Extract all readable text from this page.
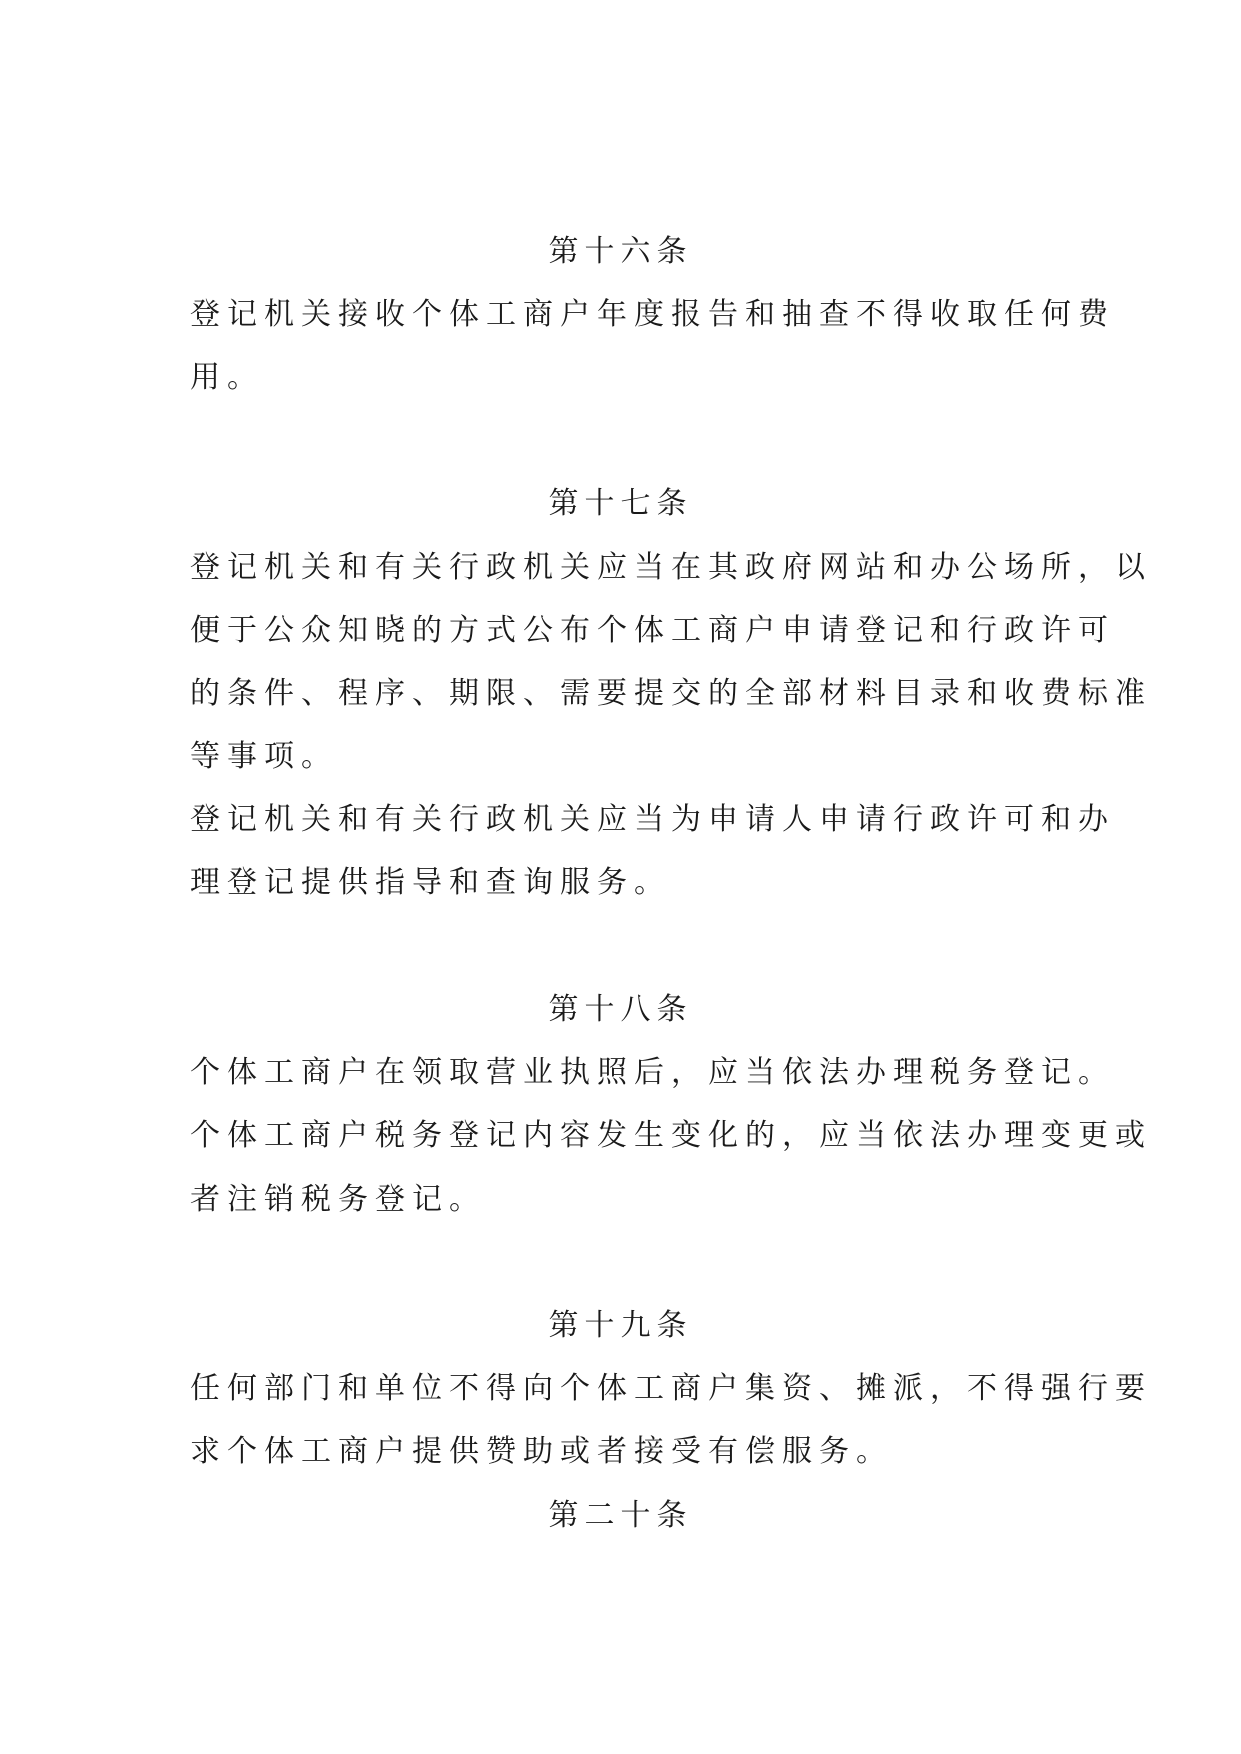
第十六条
登记机关接收个体工商户年度报告和抽查不得收取任何费
用。
第十七条
登记机关和有关行政机关应当在其政府网站和办公场所，以
便于公众知晓的方式公布个体工商户申请登记和行政许可
的条件、程序、期限、需要提交的全部材料目录和收费标准
等事项。
登记机关和有关行政机关应当为申请人申请行政许可和办
理登记提供指导和查询服务。
第十八条
个体工商户在领取营业执照后，应当依法办理税务登记。
个体工商户税务登记内容发生变化的，应当依法办理变更或
者注销税务登记。
第十九条
任何部门和单位不得向个体工商户集资、摊派，不得强行要
求个体工商户提供赞助或者接受有偿服务。
第二十条
